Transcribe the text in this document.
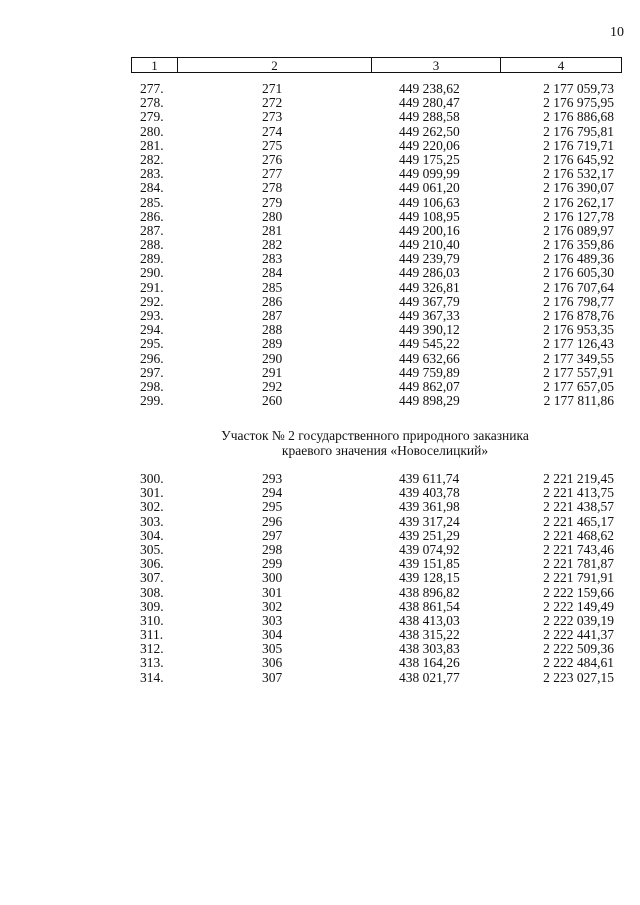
10
1	2	3	4
277.	271	449 238,62	2 177 059,73
278.	272	449 280,47	2 176 975,95
279.	273	449 288,58	2 176 886,68
280.	274	449 262,50	2 176 795,81
281.	275	449 220,06	2 176 719,71
282.	276	449 175,25	2 176 645,92
283.	277	449 099,99	2 176 532,17
284.	278	449 061,20	2 176 390,07
285.	279	449 106,63	2 176 262,17
286.	280	449 108,95	2 176 127,78
287.	281	449 200,16	2 176 089,97
288.	282	449 210,40	2 176 359,86
289.	283	449 239,79	2 176 489,36
290.	284	449 286,03	2 176 605,30
291.	285	449 326,81	2 176 707,64
292.	286	449 367,79	2 176 798,77
293.	287	449 367,33	2 176 878,76
294.	288	449 390,12	2 176 953,35
295.	289	449 545,22	2 177 126,43
296.	290	449 632,66	2 177 349,55
297.	291	449 759,89	2 177 557,91
298.	292	449 862,07	2 177 657,05
299.	260	449 898,29	2 177 811,86
Участок № 2 государственного природного заказника
краевого значения «Новоселицкий»
300.	293	439 611,74	2 221 219,45
301.	294	439 403,78	2 221 413,75
302.	295	439 361,98	2 221 438,57
303.	296	439 317,24	2 221 465,17
304.	297	439 251,29	2 221 468,62
305.	298	439 074,92	2 221 743,46
306.	299	439 151,85	2 221 781,87
307.	300	439 128,15	2 221 791,91
308.	301	438 896,82	2 222 159,66
309.	302	438 861,54	2 222 149,49
310.	303	438 413,03	2 222 039,19
311.	304	438 315,22	2 222 441,37
312.	305	438 303,83	2 222 509,36
313.	306	438 164,26	2 222 484,61
314.	307	438 021,77	2 223 027,15
